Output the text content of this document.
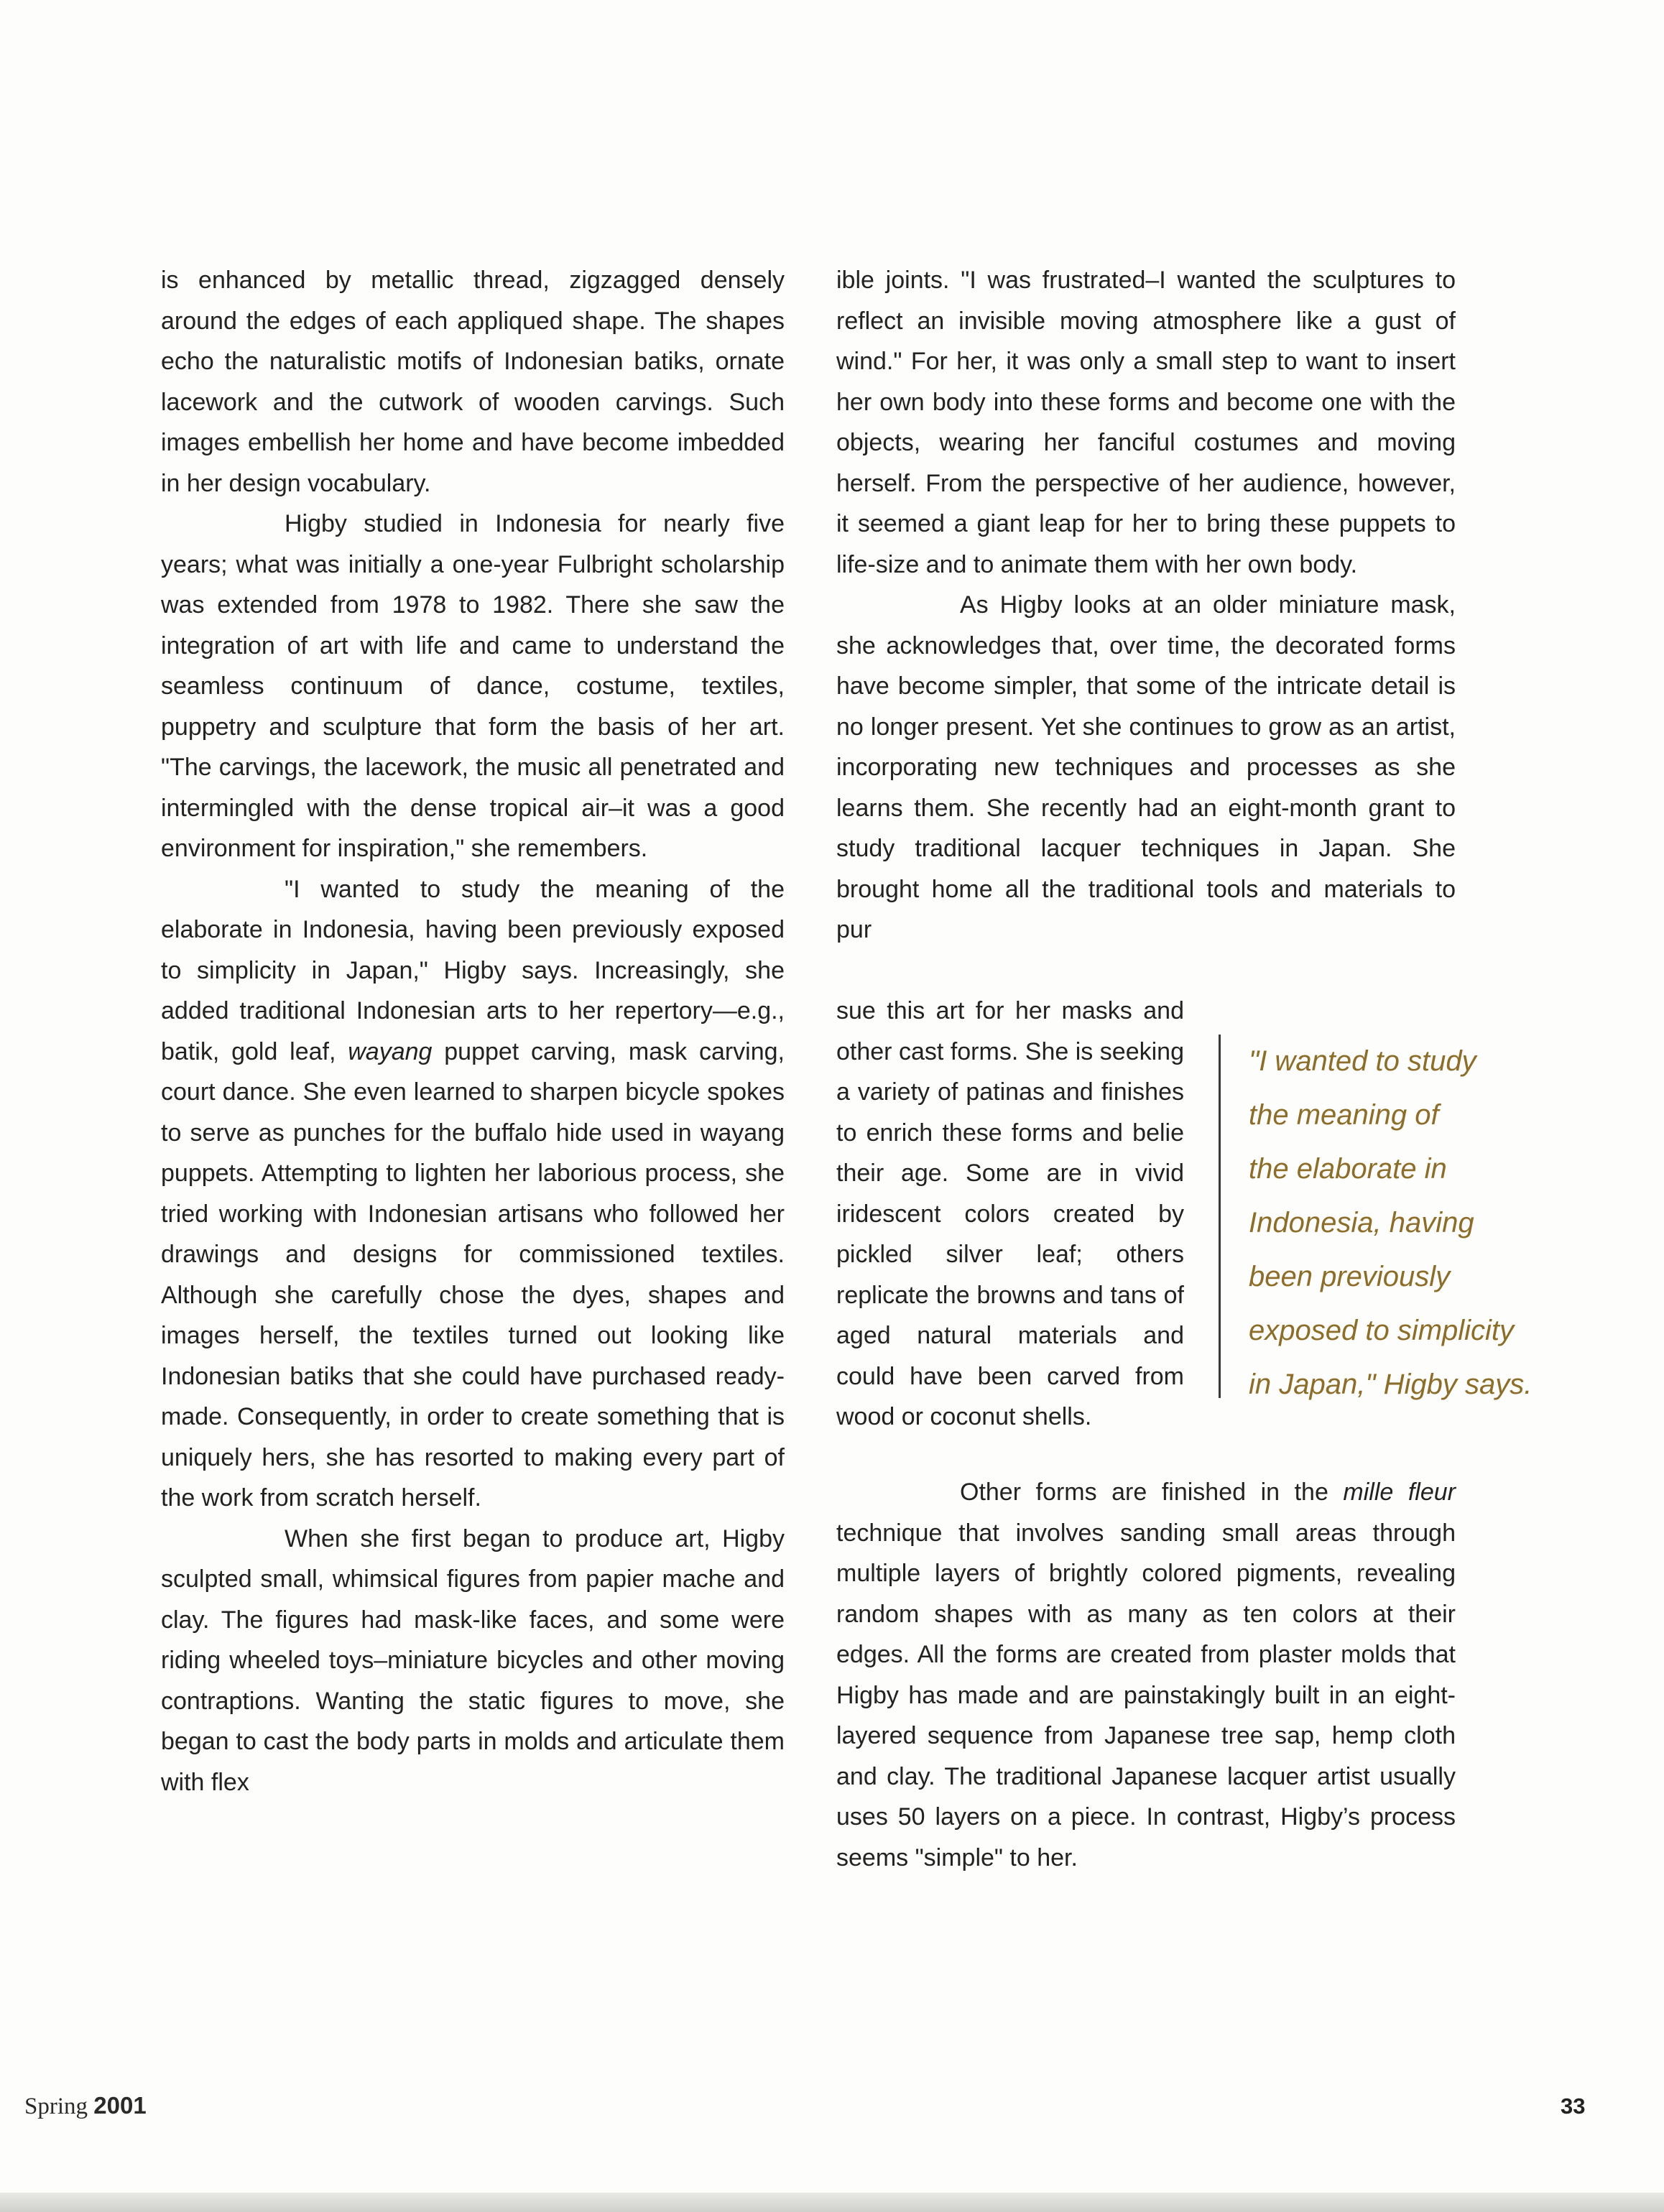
is enhanced by metallic thread, zigzagged densely around the edges of each appliqued shape. The shapes echo the naturalistic motifs of Indonesian batiks, ornate lacework and the cutwork of wooden carvings. Such images embellish her home and have become imbedded in her design vocabulary.

Higby studied in Indonesia for nearly five years; what was initially a one-year Fulbright scholarship was extended from 1978 to 1982. There she saw the integration of art with life and came to understand the seamless continuum of dance, costume, textiles, puppetry and sculpture that form the basis of her art. "The carvings, the lacework, the music all penetrated and intermingled with the dense tropical air–it was a good environment for inspiration," she remembers.

"I wanted to study the meaning of the elaborate in Indonesia, having been previously exposed to simplicity in Japan," Higby says. Increasingly, she added traditional Indonesian arts to her repertory—e.g., batik, gold leaf, wayang puppet carving, mask carving, court dance. She even learned to sharpen bicycle spokes to serve as punches for the buffalo hide used in wayang puppets. Attempting to lighten her laborious process, she tried working with Indonesian artisans who followed her drawings and designs for commissioned textiles. Although she carefully chose the dyes, shapes and images herself, the textiles turned out looking like Indonesian batiks that she could have purchased ready-made. Consequently, in order to create something that is uniquely hers, she has resorted to making every part of the work from scratch herself.

When she first began to produce art, Higby sculpted small, whimsical figures from papier mache and clay. The figures had mask-like faces, and some were riding wheeled toys–miniature bicycles and other moving contraptions. Wanting the static figures to move, she began to cast the body parts in molds and articulate them with flex

ible joints. "I was frustrated–I wanted the sculptures to reflect an invisible moving atmosphere like a gust of wind." For her, it was only a small step to want to insert her own body into these forms and become one with the objects, wearing her fanciful costumes and moving herself. From the perspective of her audience, however, it seemed a giant leap for her to bring these puppets to life-size and to animate them with her own body.

As Higby looks at an older miniature mask, she acknowledges that, over time, the decorated forms have become simpler, that some of the intricate detail is no longer present. Yet she continues to grow as an artist, incorporating new techniques and processes as she learns them. She recently had an eight-month grant to study traditional lacquer techniques in Japan. She brought home all the traditional tools and materials to pur

sue this art for her masks and other cast forms. She is seeking a variety of patinas and finishes to enrich these forms and belie their age. Some are in vivid iridescent colors created by pickled silver leaf; others replicate the browns and tans of aged natural materials and could have been carved from wood or coconut shells.

"I wanted to study
the meaning of
the elaborate in
Indonesia, having
been previously
exposed to simplicity
in Japan," Higby says.

Other forms are finished in the mille fleur technique that involves sanding small areas through multiple layers of brightly colored pigments, revealing random shapes with as many as ten colors at their edges. All the forms are created from plaster molds that Higby has made and are painstakingly built in an eight-layered sequence from Japanese tree sap, hemp cloth and clay. The traditional Japanese lacquer artist usually uses 50 layers on a piece. In contrast, Higby’s process seems "simple" to her.

Spring 2001	33
